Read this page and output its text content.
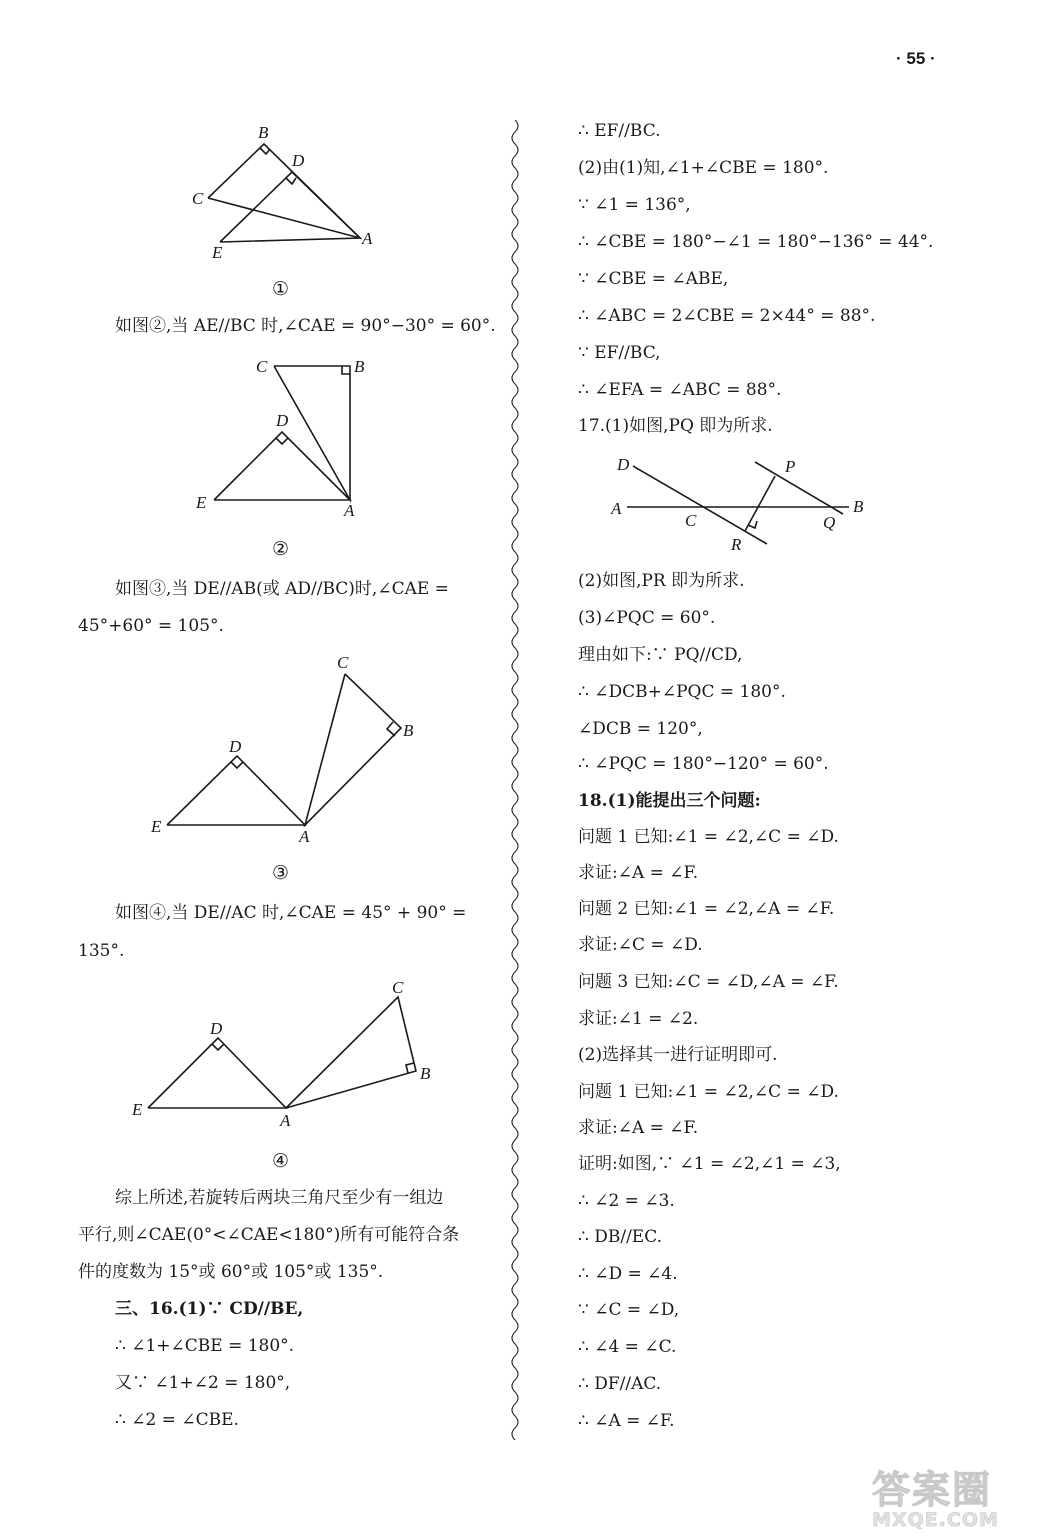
· 55 ·
B
D
C
E
A
①
如图②,当 AE//BC 时,∠CAE = 90°−30° = 60°.
C	B
D
E	A
②
如图③,当 DE//AB(或 AD//BC)时,∠CAE =
45°+60° = 105°.
C
B
D
E
A
③
如图④,当 DE//AC 时,∠CAE = 45° + 90° =
135°.
C
D
B
E
A
④
综上所述,若旋转后两块三角尺至少有一组边
平行,则∠CAE(0°<∠CAE<180°)所有可能符合条
件的度数为 15°或 60°或 105°或 135°.
三、16.(1)∵ CD//BE,
∴ ∠1+∠CBE = 180°.
又∵ ∠1+∠2 = 180°,
∴ ∠2 = ∠CBE.
∴ EF//BC.
(2)由(1)知,∠1+∠CBE = 180°.
∵ ∠1 = 136°,
∴ ∠CBE = 180°−∠1 = 180°−136° = 44°.
∵ ∠CBE = ∠ABE,
∴ ∠ABC = 2∠CBE = 2×44° = 88°.
∵ EF//BC,
∴ ∠EFA = ∠ABC = 88°.
17.(1)如图,PQ 即为所求.
D	P
A
C	Q
B
R
(2)如图,PR 即为所求.
(3)∠PQC = 60°.
理由如下:∵ PQ//CD,
∴ ∠DCB+∠PQC = 180°.
∠DCB = 120°,
∴ ∠PQC = 180°−120° = 60°.
18.(1)能提出三个问题:
问题 1 已知:∠1 = ∠2,∠C = ∠D.
求证:∠A = ∠F.
问题 2 已知:∠1 = ∠2,∠A = ∠F.
求证:∠C = ∠D.
问题 3 已知:∠C = ∠D,∠A = ∠F.
求证:∠1 = ∠2.
(2)选择其一进行证明即可.
问题 1 已知:∠1 = ∠2,∠C = ∠D.
求证:∠A = ∠F.
证明:如图,∵ ∠1 = ∠2,∠1 = ∠3,
∴ ∠2 = ∠3.
∴ DB//EC.
∴ ∠D = ∠4.
∵ ∠C = ∠D,
∴ ∠4 = ∠C.
∴ DF//AC.
∴ ∠A = ∠F.
答案圈
MXQE.COM
